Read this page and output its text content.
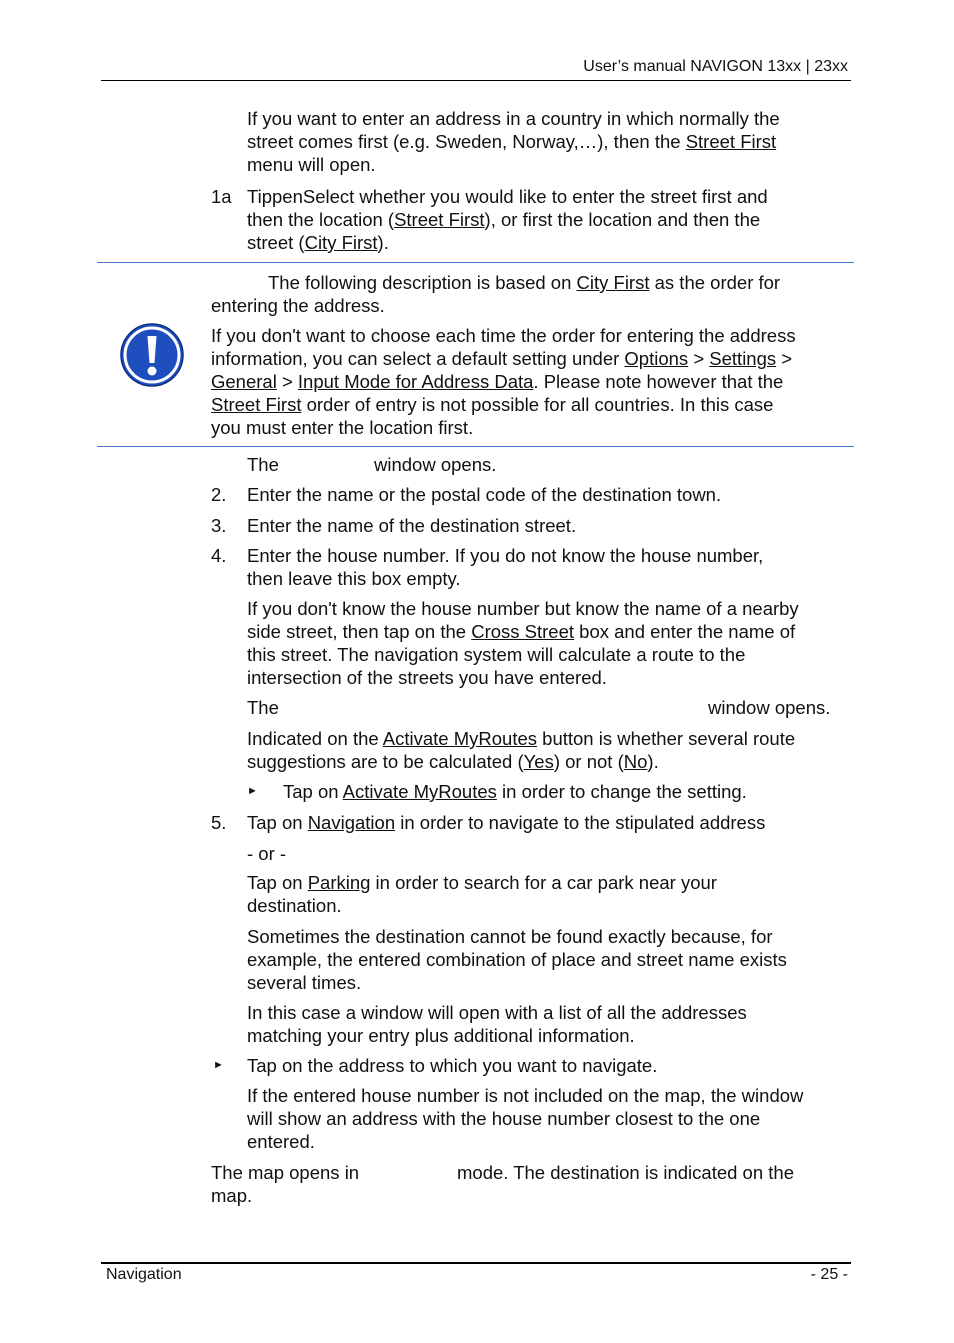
User’s manual NAVIGON 13xx | 23xx
If you want to enter an address in a country in which normally the
street comes first (e.g. Sweden, Norway,…), then the Street First
menu will open.
1a TippenSelect whether you would like to enter the street first and
then the location (Street First), or first the location and then the
street (City First).
The following description is based on City First as the order for
entering the address.
If you don't want to choose each time the order for entering the address
information, you can select a default setting under Options > Settings >
General > Input Mode for Address Data. Please note however that the
Street First order of entry is not possible for all countries. In this case
you must enter the location first.
The	window opens.
2. Enter the name or the postal code of the destination town.
3. Enter the name of the destination street.
4. Enter the house number. If you do not know the house number,
then leave this box empty.
If you don't know the house number but know the name of a nearby
side street, then tap on the Cross Street box and enter the name of
this street. The navigation system will calculate a route to the
intersection of the streets you have entered.
The	window opens.
Indicated on the Activate MyRoutes button is whether several route
suggestions are to be calculated (Yes) or not (No).
► Tap on Activate MyRoutes in order to change the setting.
5. Tap on Navigation in order to navigate to the stipulated address
- or -
Tap on Parking in order to search for a car park near your
destination.
Sometimes the destination cannot be found exactly because, for
example, the entered combination of place and street name exists
several times.
In this case a window will open with a list of all the addresses
matching your entry plus additional information.
► Tap on the address to which you want to navigate.
If the entered house number is not included on the map, the window
will show an address with the house number closest to the one
entered.
The map opens in	mode. The destination is indicated on the
map.
Navigation	- 25 -
